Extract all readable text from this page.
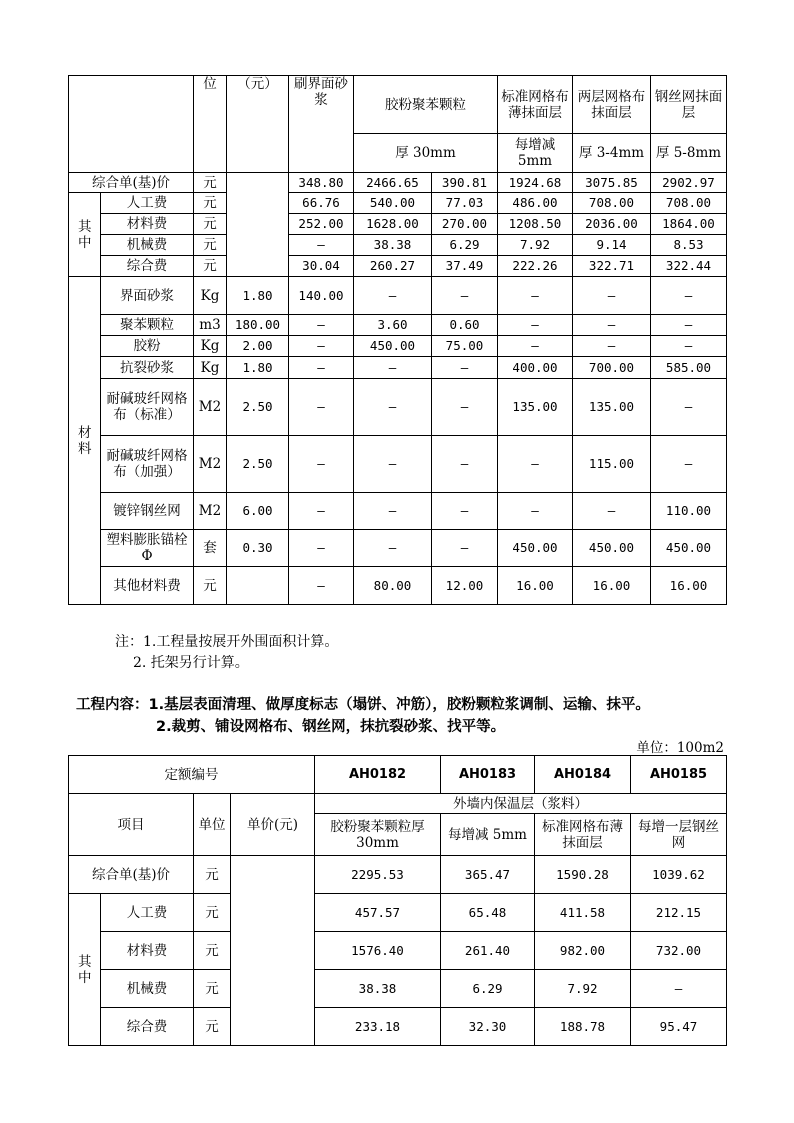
		位	（元）	刷界面砂浆	胶粉聚苯颗粒		标准网格布薄抹面层	两层网格布抹面层	钢丝网抹面层
					厚 30mm		每增减5mm	厚 3-4mm	厚 5-8mm
综合单(基)价		元		348.80	2466.65	390.81	1924.68	3075.85	2902.97
其中	人工费	元		66.76	540.00	77.03	486.00	708.00	708.00
	材料费	元		252.00	1628.00	270.00	1208.50	2036.00	1864.00
	机械费	元		—	38.38	6.29	7.92	9.14	8.53
	综合费	元		30.04	260.27	37.49	222.26	322.71	322.44
材料	界面砂浆	Kg	1.80	140.00	—	—	—	—	—
	聚苯颗粒	m3	180.00	—	3.60	0.60	—	—	—
	胶粉	Kg	2.00	—	450.00	75.00	—	—	—
	抗裂砂浆	Kg	1.80	—	—	—	400.00	700.00	585.00
	耐碱玻纤网格布（标准）	M2	2.50	—	—	—	135.00	135.00	—
	耐碱玻纤网格布（加强）	M2	2.50	—	—	—	—	115.00	—
	镀锌钢丝网	M2	6.00	—	—	—	—	—	110.00
	塑料膨胀锚栓Φ	套	0.30	—	—	—	450.00	450.00	450.00
	其他材料费	元		—	80.00	12.00	16.00	16.00	16.00
注：1.工程量按展开外围面积计算。
2. 托架另行计算。
工程内容：1.基层表面清理、做厚度标志（塌饼、冲筋），胶粉颗粒浆调制、运输、抹平。
2.裁剪、铺设网格布、钢丝网，抹抗裂砂浆、找平等。
单位：100m2
定额编号				AH0182	AH0183	AH0184	AH0185
项目		单位	单价(元)	外墙内保温层（浆料）			
				胶粉聚苯颗粒厚 30mm	每增减 5mm	标准网格布薄抹面层	每增一层钢丝网
综合单(基)价		元		2295.53	365.47	1590.28	1039.62
其中	人工费	元		457.57	65.48	411.58	212.15
	材料费	元		1576.40	261.40	982.00	732.00
	机械费	元		38.38	6.29	7.92	—
	综合费	元		233.18	32.30	188.78	95.47
